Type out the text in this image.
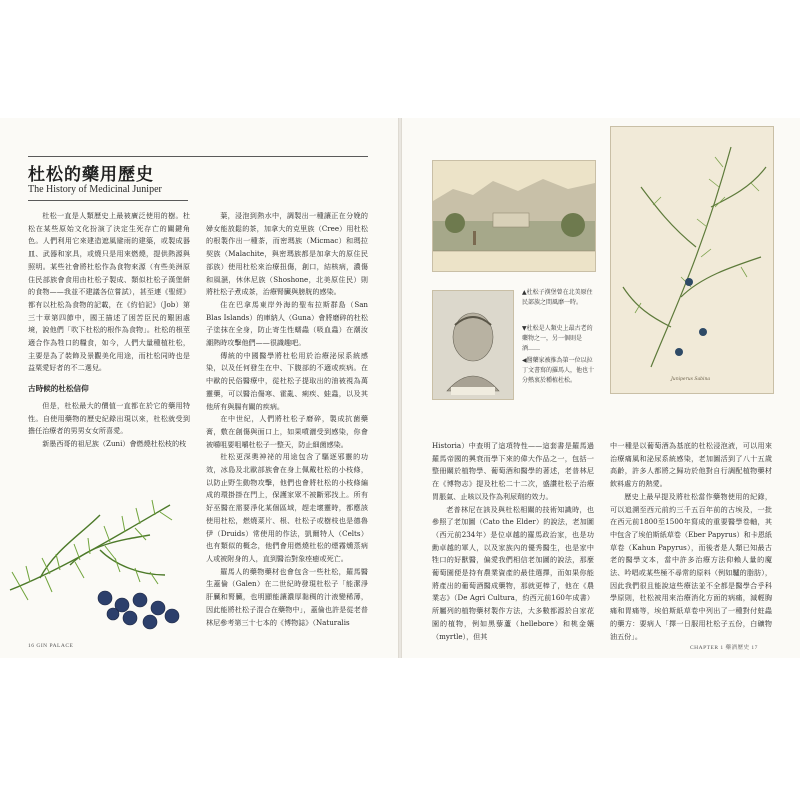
杜松的藥用歷史
The History of Medicinal Juniper

杜松一直是人類歷史上最被廣泛使用的樹。杜松在某些原始文化扮演了決定生死存亡的關鍵角色。人們利用它來建造遮風避雨的建築，或製成器皿、武器和家具，或燒只是用來燃燒，提供熱源與照明。某些社會將杜松作為食物來源（有些美洲原住民部族會食用由杜松子製成、類似杜松子漢堡餅的食物——我並不建議各位嘗試），甚至連《聖經》都有以杜松為食物的記載，在《約伯記》（Job）第三十章第四節中，國王描述了困苦臣民的艱困處境，說他們「吹下杜松的根作為食物」。杜松的根莖適合作為牲口的糧食，如今，人們大量種植杜松，主要是為了裝飾及景觀美化用途，而杜松同時也是益栗愛好者的不二選兒。

古時候的杜松信仰

但是，杜松最大的價值一直都在於它的藥用特性。自使用藥物的歷史紀錄出現以來，杜松就受到擔任治療者的男男女女所喜愛。

新墨西哥的祖尼族（Zuni）會燃燒杜松枝的枝

葉，浸泡到熱水中，調製出一種讓正在分娩的婦女能放鬆的茶，加拿大的克里族（Cree）用杜松的根製作出一種茶，而密瑪族（Micmac）和瑪拉契族（Malachite，與密瑪族都是加拿大的原住民部族）使用杜松來治療扭傷，創口，結核病，濃傷和風濕，休休尼族（Shoshone，北美原住民）則將杜松子煮成茶，治療腎臟與膀胱的感染。

住在巴拿馬東岸外海的聖布拉斯群島（San Blas Islands）的庫納人（Guna）會將磨碎的杜松子塗抹在全身，防止寄生性蠕蟲（吸血蟲）在潮汝潮熱時攻擊他們——很識趣吧。

傳統的中國醫學將杜松用於治療泌尿系統感染，以及任何發生在中、下腹部的不適或疾病。在中歐的民俗醫療中，從杜松子提取出的油被視為萬靈藥，可以醫治傷寒、霍亂、痢疾、蛙蟲，以及其他所有與腸有關的疾病。

在中世紀，人們將杜松子磨碎，製成抗菌藥膏，敷在創傷與面口上，如果噴灑受到感染，你會被嚼咀要咀嚼杜松子一整天，防止細菌感染。

杜松更深奧神祕的用途包含了驅逐邪靈的功效，冰島及北歐部族會在身上佩戴杜松的小枝條，以防止野生動物攻擊，他們也會將杜松的小枝條編成的環掛掛在門上，保護家眾不被斷邪找上。所有好巫醫在需要淨化某個區域，趕走壞靈時，都應該使用杜松，燃燒菜片、根、杜松子或樹枝也是德魯伊（Druids）常使用的作法，凱爾特人（Celts）也有類似的概念，他們會用燃燒杜松的煙霧燻蒸病人或被附身的人，直到醫治對象痊癒或死亡。

羅馬人的藥物藥材也會包含一些杜松，羅馬醫生蓋倫（Galen）在二世紀時發現杜松子「能潔淨肝臟和腎臟，也明顯能讓濃厚黏稠的汁液變稀薄，因此能將杜松子混合在藥物中」，蓋倫也許是從老普林尼參考第三十七本的《博物誌》（Naturalis

16 GIN PALACE
▲杜松子漢堡曾在北美原住民部族之間風靡一時。
▼杜松是人類史上最古老的藥物之一，另一個則是酒……
◀醫藥家被推為第一位以拉丁文書寫的羅馬人，他也十分熱衷於種植杜松。	Juniperus Sabina

Historia）中查明了這項特性——這套書是羅馬過羅馬帝國的興衰而學下來的偉大作品之一，包括一整冊關於植物學、葡萄酒和醫學的著述，老普林尼在《博物志》提及杜松二十二次，盛讚杜松子治療胃脹氣、止咳以及作為利尿劑的效力。

老普林尼在該及與杜松相關的技術知識時，也參照了老加圖（Cato the Elder）的說法，老加圖（西元前234年）是位卓越的羅馬政治家，也是功勳卓越的軍人，以及家族內的優秀醫生，也是家中牲口的好獸醫，偏愛我們相信老加圖的說法，那麼葡萄園便是持有農業資產的最佳選擇，而如果你能將產出的葡萄酒醫成藥物，那就更棒了，他在《農業志》（De Agri Cultura，約西元前160年成書）所屬列的植物藥材製作方法，大多數都源於自家花園的植物，例如黑藜蘆（hellebore）和桃金孃（myrtle），但其

中一種是以葡萄酒為基底的杜松浸泡液，可以用來治療痛風和泌尿系統感染，老加圖活到了八十五歲高齡，許多人都將之歸功於他對自行調配植物藥材飲料處方的熱愛。

歷史上最早提及將杜松當作藥物使用的紀錄，可以追溯至西元前約三千五百年前的古埃及，一批在西元前1800至1500年寫成的重要醫學卷軸，其中包含了埃伯斯紙草卷（Eber Papyrus）和卡恩紙草卷（Kahun Papyrus），而後者是人類已知最古老的醫學文本，當中許多治療方法仰賴人量的魔法、吟唱或某些極不尋常的原料（例如驢的脂肪），因此我們很且能說這些療法並不全都是醫學合乎科學原則，杜松被用來治療消化方面的病痛，減輕胸痛和胃痛等，埃伯斯紙草卷中列出了一種對付蛀蟲的藥方：要病人「擇一日服用杜松子五份，白礦物油五份」。

CHAPTER 1 藥酒歷史 17
